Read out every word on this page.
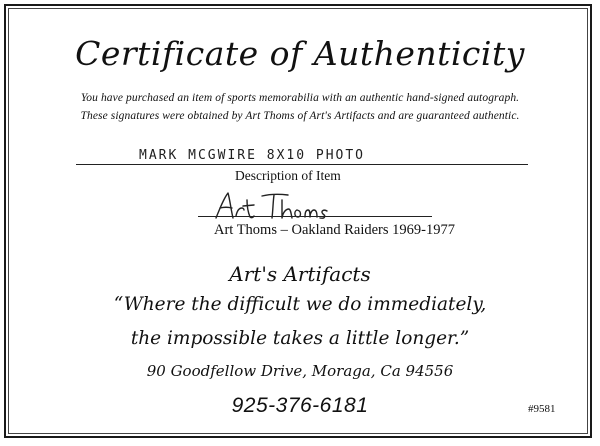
Certificate of Authenticity
You have purchased an item of sports memorabilia with an authentic hand-signed autograph.
These signatures were obtained by Art Thoms of Art's Artifacts and are guaranteed authentic.
MARK MCGWIRE 8X10 PHOTO
Description of Item
Art Thoms – Oakland Raiders 1969-1977
Art's Artifacts
“Where the difficult we do immediately,
the impossible takes a little longer.”
90 Goodfellow Drive, Moraga, Ca 94556
925-376-6181	#9581
